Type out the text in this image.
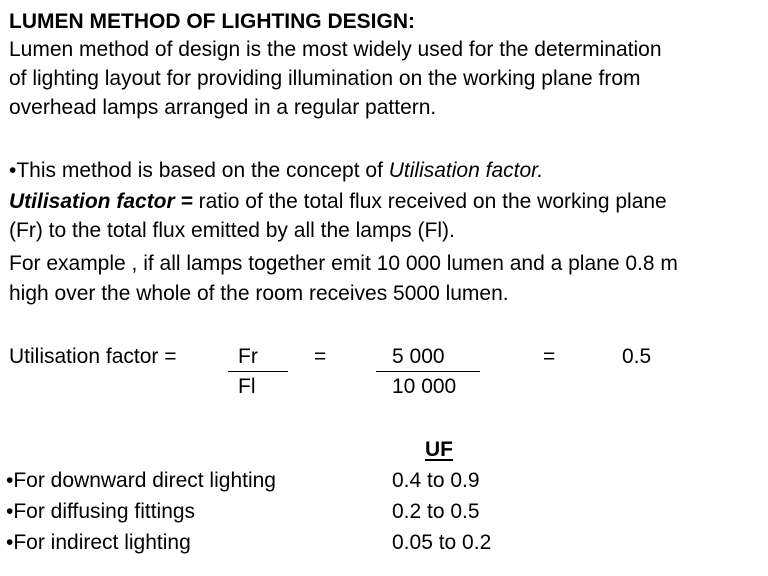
LUMEN METHOD OF LIGHTING DESIGN:
Lumen method of design is the most widely used for the determination
of lighting layout for providing illumination on the working plane from
overhead lamps arranged in a regular pattern.
•This method is based on the concept of Utilisation factor.
Utilisation factor = ratio of the total flux received on the working plane
(Fr) to the total flux emitted by all the lamps (Fl).
For example , if all lamps together emit 10 000 lumen and a plane 0.8 m
high over the whole of the room receives 5000 lumen.
Utilisation factor =	Fr
Fl
=	5 000
10 000
=	0.5
UF
•For downward direct lighting	0.4 to 0.9
•For diffusing fittings	0.2 to 0.5
•For indirect lighting	0.05 to 0.2
